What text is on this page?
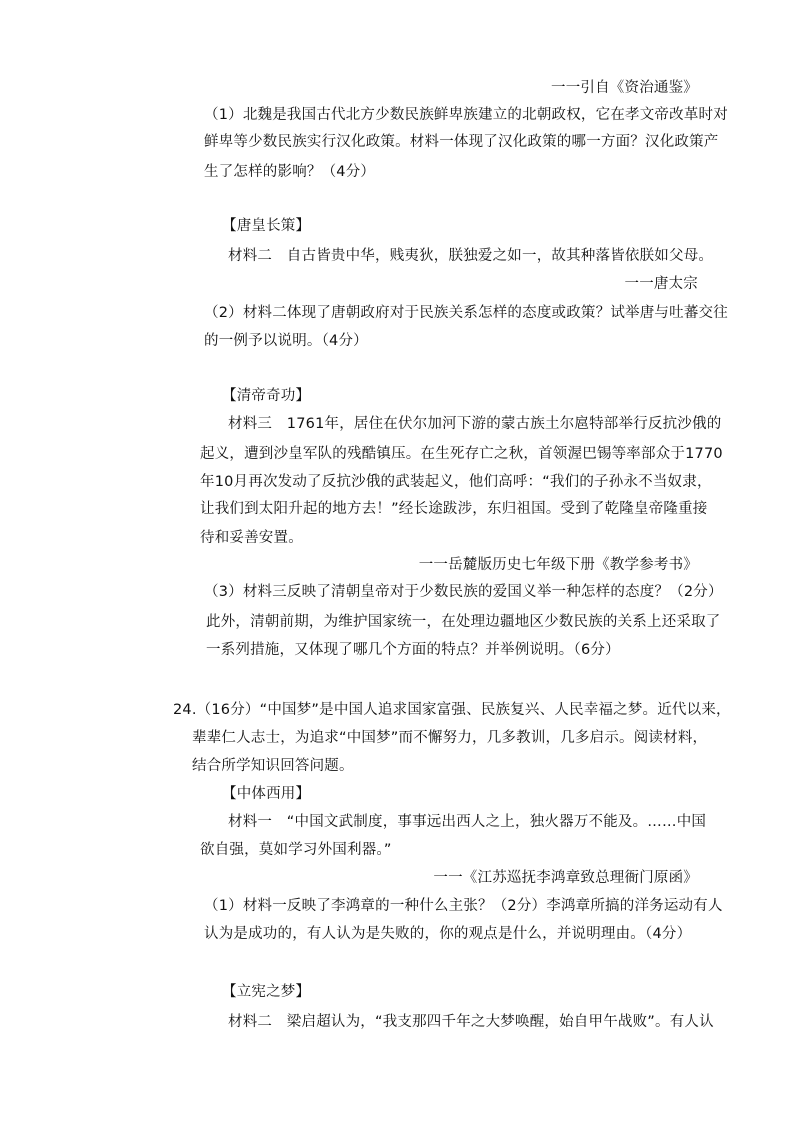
一一引自《资治通鉴》
（1）北魏是我国古代北方少数民族鲜卑族建立的北朝政权，它在孝文帝改革时对
鲜卑等少数民族实行汉化政策。材料一体现了汉化政策的哪一方面？汉化政策产
生了怎样的影响？（4分）
【唐皇长策】
材料二　自古皆贵中华，贱夷狄，朕独爱之如一，故其种落皆依朕如父母。
一一唐太宗
（2）材料二体现了唐朝政府对于民族关系怎样的态度或政策？试举唐与吐蕃交往
的一例予以说明。（4分）
【清帝奇功】
材料三　1761年，居住在伏尔加河下游的蒙古族土尔扈特部举行反抗沙俄的
起义，遭到沙皇军队的残酷镇压。在生死存亡之秋，首领渥巴锡等率部众于1770
年10月再次发动了反抗沙俄的武装起义，他们高呼：“我们的子孙永不当奴隶，
让我们到太阳升起的地方去！”经长途跋涉，东归祖国。受到了乾隆皇帝隆重接
待和妥善安置。
一一岳麓版历史七年级下册《教学参考书》
（3）材料三反映了清朝皇帝对于少数民族的爱国义举一种怎样的态度？（2分）
此外，清朝前期，为维护国家统一，在处理边疆地区少数民族的关系上还采取了
一系列措施，又体现了哪几个方面的特点？并举例说明。（6分）
24.（16分）“中国梦”是中国人追求国家富强、民族复兴、人民幸福之梦。近代以来，
辈辈仁人志士，为追求“中国梦”而不懈努力，几多教训，几多启示。阅读材料，
结合所学知识回答问题。
【中体西用】
材料一　“中国文武制度，事事远出西人之上，独火器万不能及。……中国
欲自强，莫如学习外国利器。”
一一《江苏巡抚李鸿章致总理衙门原函》
（1）材料一反映了李鸿章的一种什么主张？（2分）李鸿章所搞的洋务运动有人
认为是成功的，有人认为是失败的，你的观点是什么，并说明理由。（4分）
【立宪之梦】
材料二　梁启超认为，“我支那四千年之大梦唤醒，始自甲午战败”。有人认
